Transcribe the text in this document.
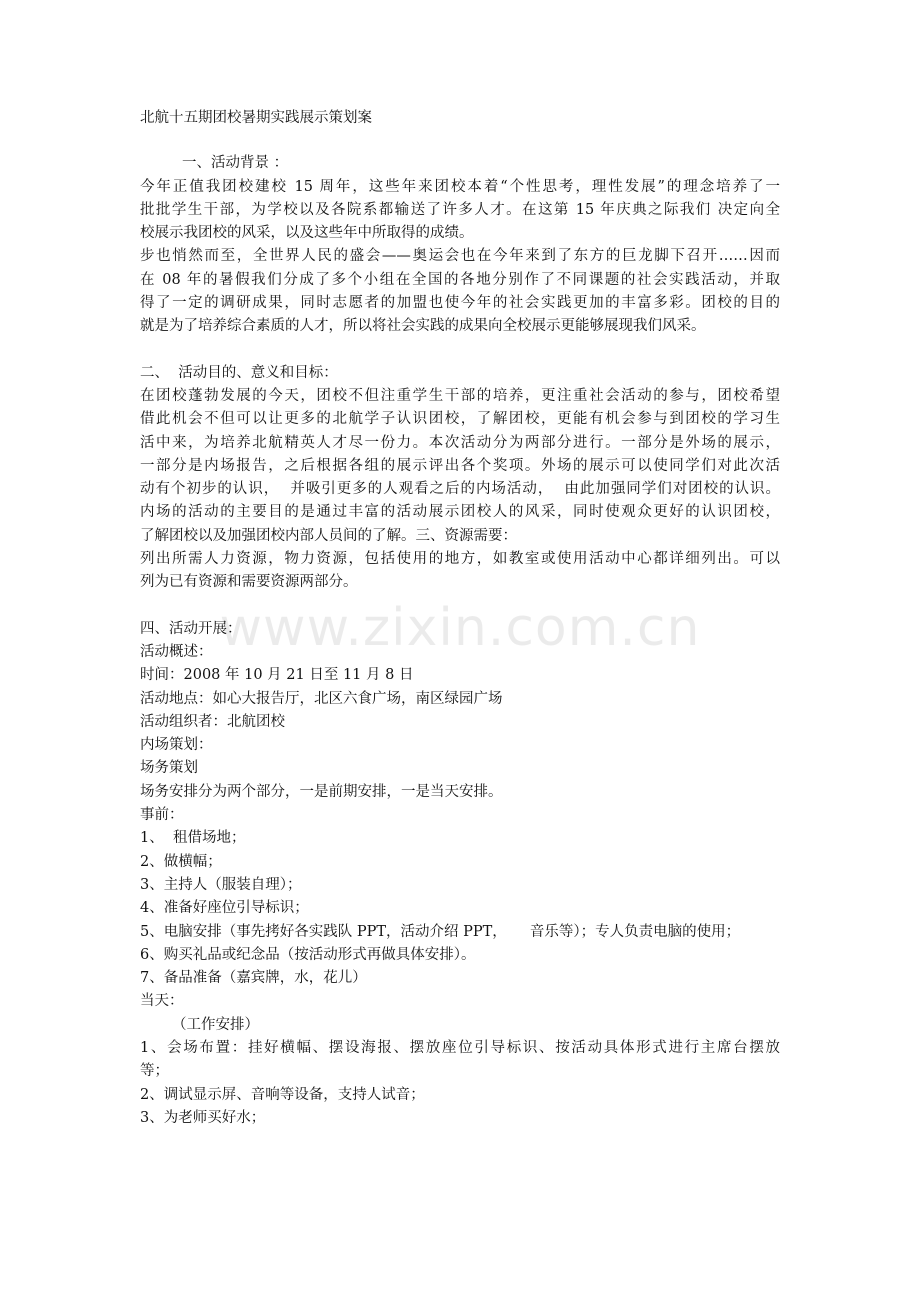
www.zixin.com.cn
北航十五期团校暑期实践展示策划案
一、活动背景 ：
今年正值我团校建校 15 周年，这些年来团校本着“个性思考，理性发展”的理念培养了一
批批学生干部，为学校以及各院系都输送了许多人才。在这第 15 年庆典之际我们 决定向全
校展示我团校的风采，以及这些年中所取得的成绩。
步也悄然而至，全世界人民的盛会——奥运会也在今年来到了东方的巨龙脚下召开……因而
在 08 年的暑假我们分成了多个小组在全国的各地分别作了不同课题的社会实践活动，并取
得了一定的调研成果，同时志愿者的加盟也使今年的社会实践更加的丰富多彩。团校的目的
就是为了培养综合素质的人才，所以将社会实践的成果向全校展示更能够展现我们风采。
二、  活动目的、意义和目标：
在团校蓬勃发展的今天，团校不但注重学生干部的培养，更注重社会活动的参与，团校希望
借此机会不但可以让更多的北航学子认识团校，了解团校，更能有机会参与到团校的学习生
活中来，为培养北航精英人才尽一份力。本次活动分为两部分进行。一部分是外场的展示，
一部分是内场报告，之后根据各组的展示评出各个奖项。外场的展示可以使同学们对此次活
动有个初步的认识，  并吸引更多的人观看之后的内场活动，  由此加强同学们对团校的认识。
内场的活动的主要目的是通过丰富的活动展示团校人的风采，同时使观众更好的认识团校，
了解团校以及加强团校内部人员间的了解。三、资源需要：
列出所需人力资源，物力资源，包括使用的地方，如教室或使用活动中心都详细列出。可以
列为已有资源和需要资源两部分。
四、活动开展：
活动概述：
时间：2008 年 10 月 21 日至 11 月 8 日
活动地点：如心大报告厅，北区六食广场，南区绿园广场
活动组织者：北航团校
内场策划：
场务策划
场务安排分为两个部分，一是前期安排，一是当天安排。
事前：
1、  租借场地；
2、做横幅；
3、主持人（服装自理）；
4、准备好座位引导标识；
5、电脑安排（事先拷好各实践队 PPT，活动介绍 PPT，     音乐等）；专人负责电脑的使用；
6、购买礼品或纪念品（按活动形式再做具体安排）。
7、备品准备（嘉宾牌，水，花儿）
当天：
（工作安排）
1、会场布置：挂好横幅、摆设海报、摆放座位引导标识、按活动具体形式进行主席台摆放
等；
2、调试显示屏、音响等设备，支持人试音；
3、为老师买好水；
